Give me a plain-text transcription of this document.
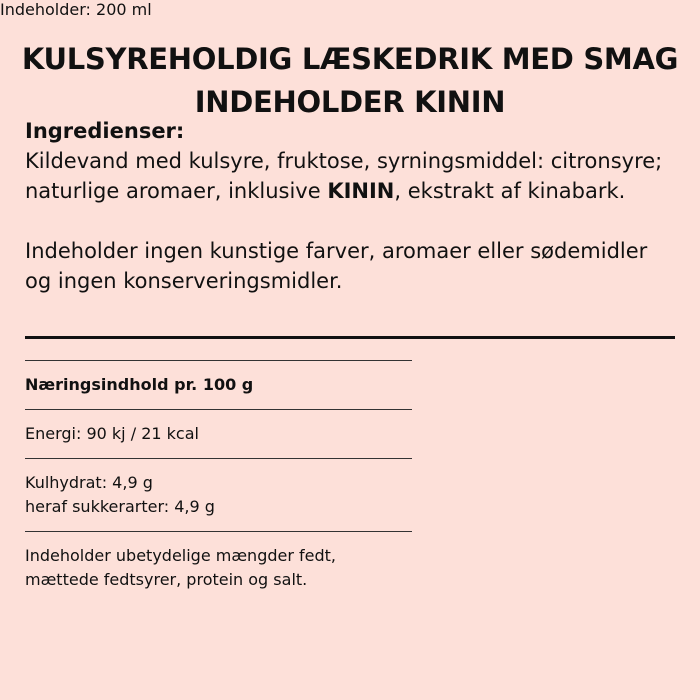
KULSYREHOLDIG LÆSKEDRIK MED SMAG
INDEHOLDER KININ
Ingredienser:

Kildevand med kulsyre, fruktose, syrningsmiddel: citronsyre; naturlige aromaer, inklusive KININ, ekstrakt af kinabark.

Indeholder ingen kunstige farver, aromaer eller sødemidler og ingen konserveringsmidler.

Næringsindhold pr. 100 g
Energi: 90 kj / 21 kcal
Kulhydrat: 4,9 g
heraf sukkerarter: 4,9 g
Indeholder ubetydelige mængder fedt,
mættede fedtsyrer, protein og salt.
Indeholder: 200 ml
